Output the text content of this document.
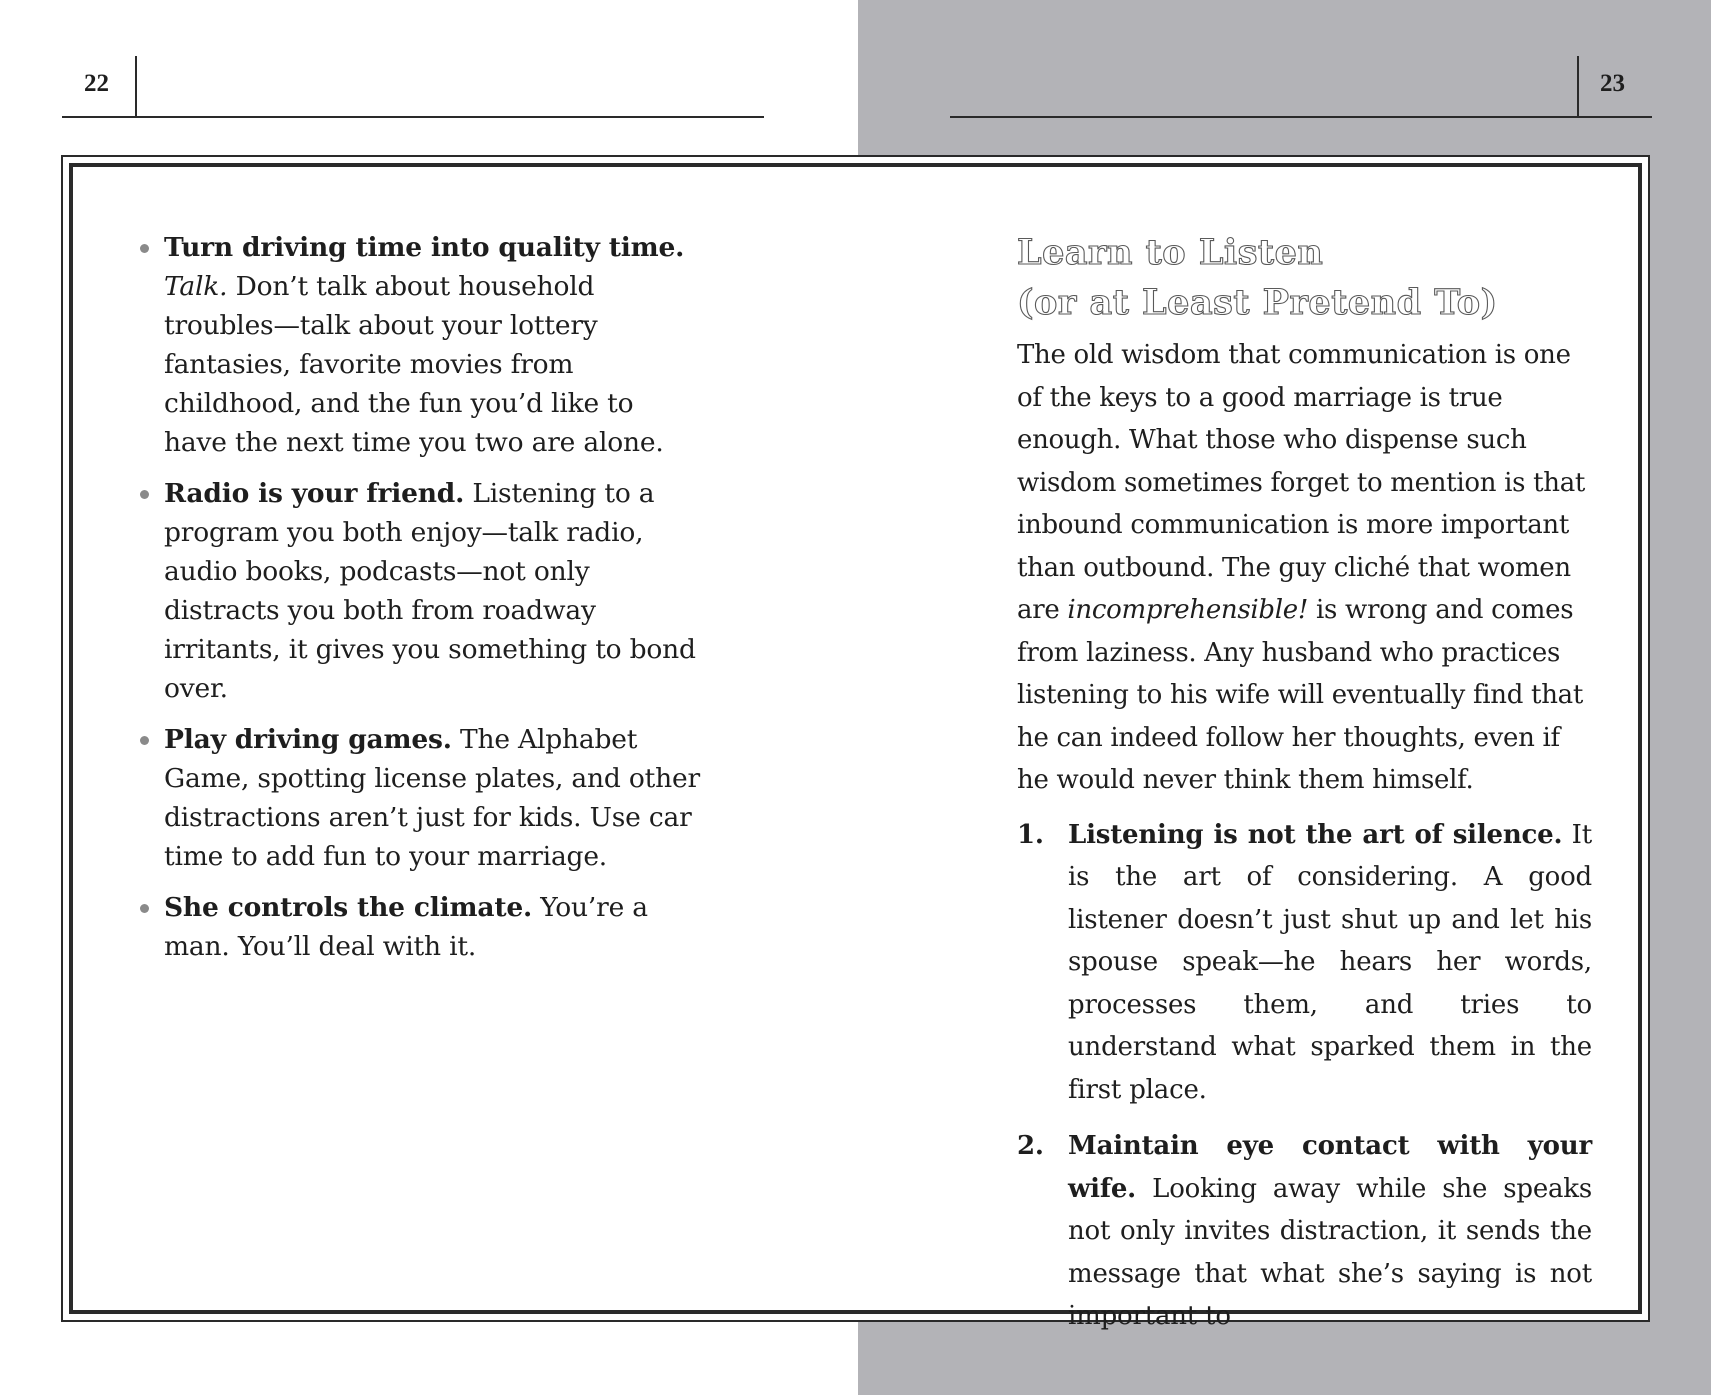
22	23
Turn driving time into quality time. Talk. Don’t talk about household troubles—talk about your lottery fantasies, favorite movies from childhood, and the fun you’d like to have the next time you two are alone.
Radio is your friend. Listening to a program you both enjoy—talk radio, audio books, podcasts—not only distracts you both from roadway irritants, it gives you something to bond over.
Play driving games. The Alphabet Game, spotting license plates, and other distractions aren’t just for kids. Use car time to add fun to your marriage.
She controls the climate. You’re a man. You’ll deal with it.
Learn to Listen
(or at Least Pretend To)

The old wisdom that communication is one of the keys to a good marriage is true enough. What those who dispense such wisdom sometimes forget to mention is that inbound communication is more important than outbound. The guy cliché that women are incomprehensible! is wrong and comes from laziness. Any husband who practices listening to his wife will eventually find that he can indeed follow her thoughts, even if he would never think them himself.

1. Listening is not the art of silence. It is the art of considering. A good listener doesn’t just shut up and let his spouse speak—he hears her words, processes them, and tries to understand what sparked them in the first place.
2. Maintain eye contact with your wife. Looking away while she speaks not only invites distraction, it sends the message that what she’s saying is not important to
